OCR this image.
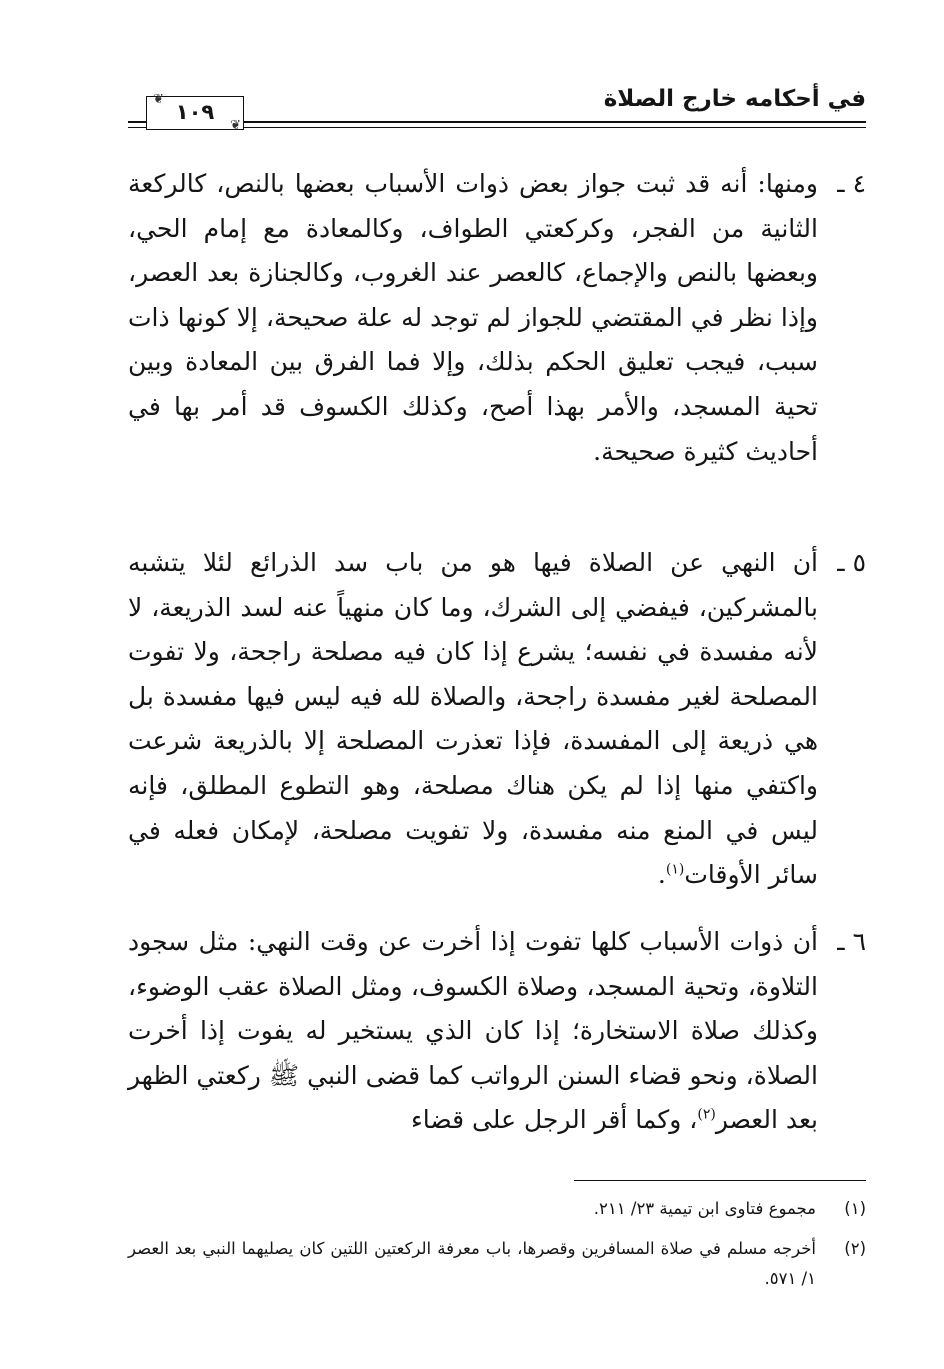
في أحكامه خارج الصلاة
❦
١٠٩
❦
٤ ـ
ومنها: أنه قد ثبت جواز بعض ذوات الأسباب بعضها بالنص، كالركعة الثانية من الفجر، وكركعتي الطواف، وكالمعادة مع إمام الحي، وبعضها بالنص والإجماع، كالعصر عند الغروب، وكالجنازة بعد العصر، وإذا نظر في المقتضي للجواز لم توجد له علة صحيحة، إلا كونها ذات سبب، فيجب تعليق الحكم بذلك، وإلا فما الفرق بين المعادة وبين تحية المسجد، والأمر بهذا أصح، وكذلك الكسوف قد أمر بها في أحاديث كثيرة صحيحة.
٥ ـ
أن النهي عن الصلاة فيها هو من باب سد الذرائع لئلا يتشبه بالمشركين، فيفضي إلى الشرك، وما كان منهياً عنه لسد الذريعة، لا لأنه مفسدة في نفسه؛ يشرع إذا كان فيه مصلحة راجحة، ولا تفوت المصلحة لغير مفسدة راجحة، والصلاة لله فيه ليس فيها مفسدة بل هي ذريعة إلى المفسدة، فإذا تعذرت المصلحة إلا بالذريعة شرعت واكتفي منها إذا لم يكن هناك مصلحة، وهو التطوع المطلق، فإنه ليس في المنع منه مفسدة، ولا تفويت مصلحة، لإمكان فعله في سائر الأوقات$^{(١)}$.
٦ ـ
أن ذوات الأسباب كلها تفوت إذا أخرت عن وقت النهي: مثل سجود التلاوة، وتحية المسجد، وصلاة الكسوف، ومثل الصلاة عقب الوضوء، وكذلك صلاة الاستخارة؛ إذا كان الذي يستخير له يفوت إذا أخرت الصلاة، ونحو قضاء السنن الرواتب كما قضى النبي ﷺ ركعتي الظهر بعد العصر$^{(٢)}$، وكما أقر الرجل على قضاء
(١)
مجموع فتاوى ابن تيمية ٢٣/ ٢١١.
(٢)
أخرجه مسلم في صلاة المسافرين وقصرها، باب معرفة الركعتين اللتين كان يصليهما النبي بعد العصر ١/ ٥٧١.
